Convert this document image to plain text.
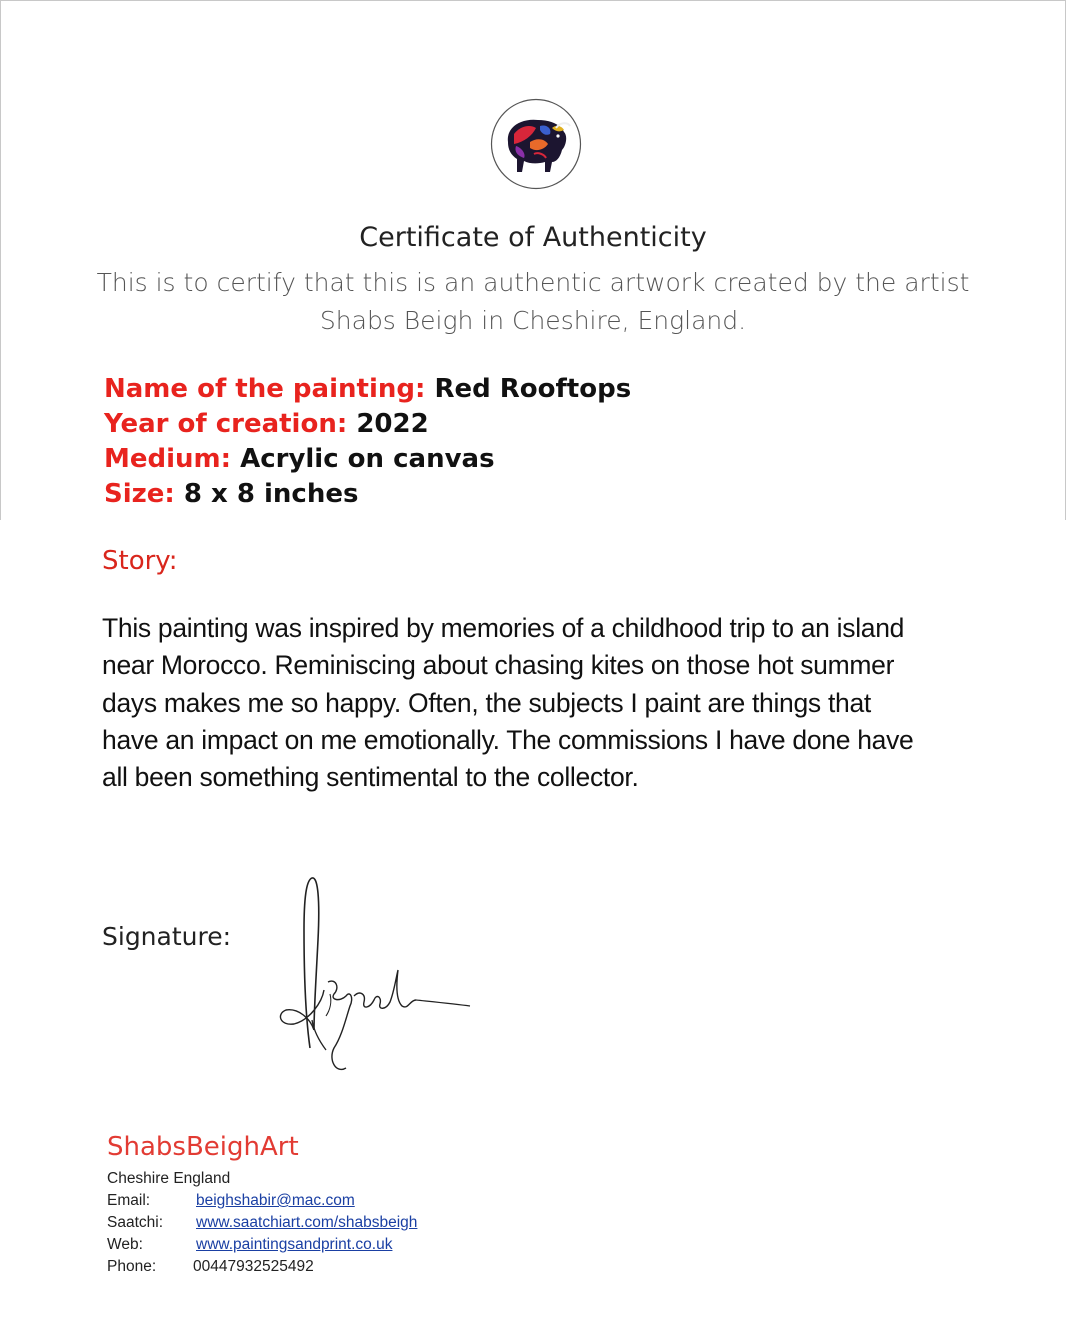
Certificate of Authenticity
This is to certify that this is an authentic artwork created by the artist
Shabs Beigh in Cheshire, England.
Name of the painting: Red Rooftops
Year of creation: 2022
Medium: Acrylic on canvas
Size: 8 x 8 inches
Story:
This painting was inspired by memories of a childhood trip to an island
near Morocco. Reminiscing about chasing kites on those hot summer
days makes me so happy. Often, the subjects I paint are things that
have an impact on me emotionally. The commissions I have done have
all been something sentimental to the collector.
Signature:
ShabsBeighArt
Cheshire England
Email:	beighshabir@mac.com
Saatchi: www.saatchiart.com/shabsbeigh
Web:	www.paintingsandprint.co.uk
Phone: 00447932525492
